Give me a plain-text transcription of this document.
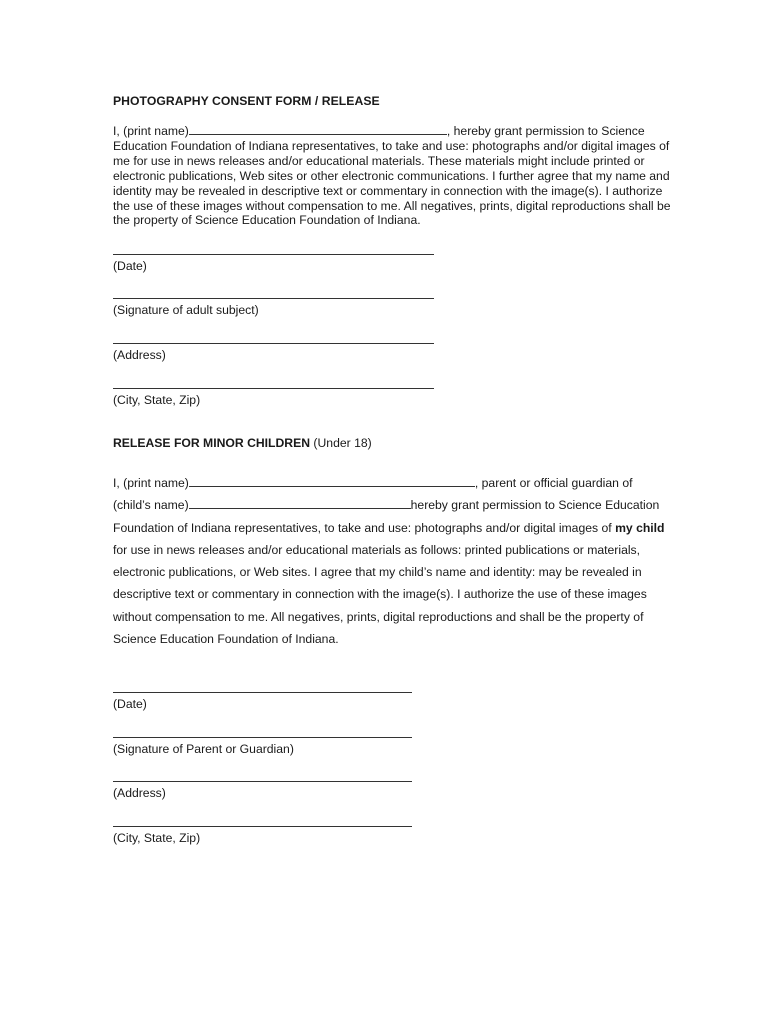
PHOTOGRAPHY CONSENT FORM / RELEASE
I, (print name)	, hereby grant permission to Science Education Foundation of Indiana representatives, to take and use: photographs and/or digital images of me for use in news releases and/or educational materials. These materials might include printed or electronic publications, Web sites or other electronic communications. I further agree that my name and identity may be revealed in descriptive text or commentary in connection with the image(s). I authorize the use of these images without compensation to me. All negatives, prints, digital reproductions shall be the property of Science Education Foundation of Indiana.
(Date)
(Signature of adult subject)
(Address)
(City, State, Zip)
RELEASE FOR MINOR CHILDREN (Under 18)
I, (print name)	, parent or official guardian of (child’s name)	hereby grant permission to Science Education Foundation of Indiana representatives, to take and use: photographs and/or digital images of my child for use in news releases and/or educational materials as follows: printed publications or materials, electronic publications, or Web sites. I agree that my child’s name and identity: may be revealed in descriptive text or commentary in connection with the image(s). I authorize the use of these images without compensation to me. All negatives, prints, digital reproductions and shall be the property of Science Education Foundation of Indiana.
(Date)
(Signature of Parent or Guardian)
(Address)
(City, State, Zip)
